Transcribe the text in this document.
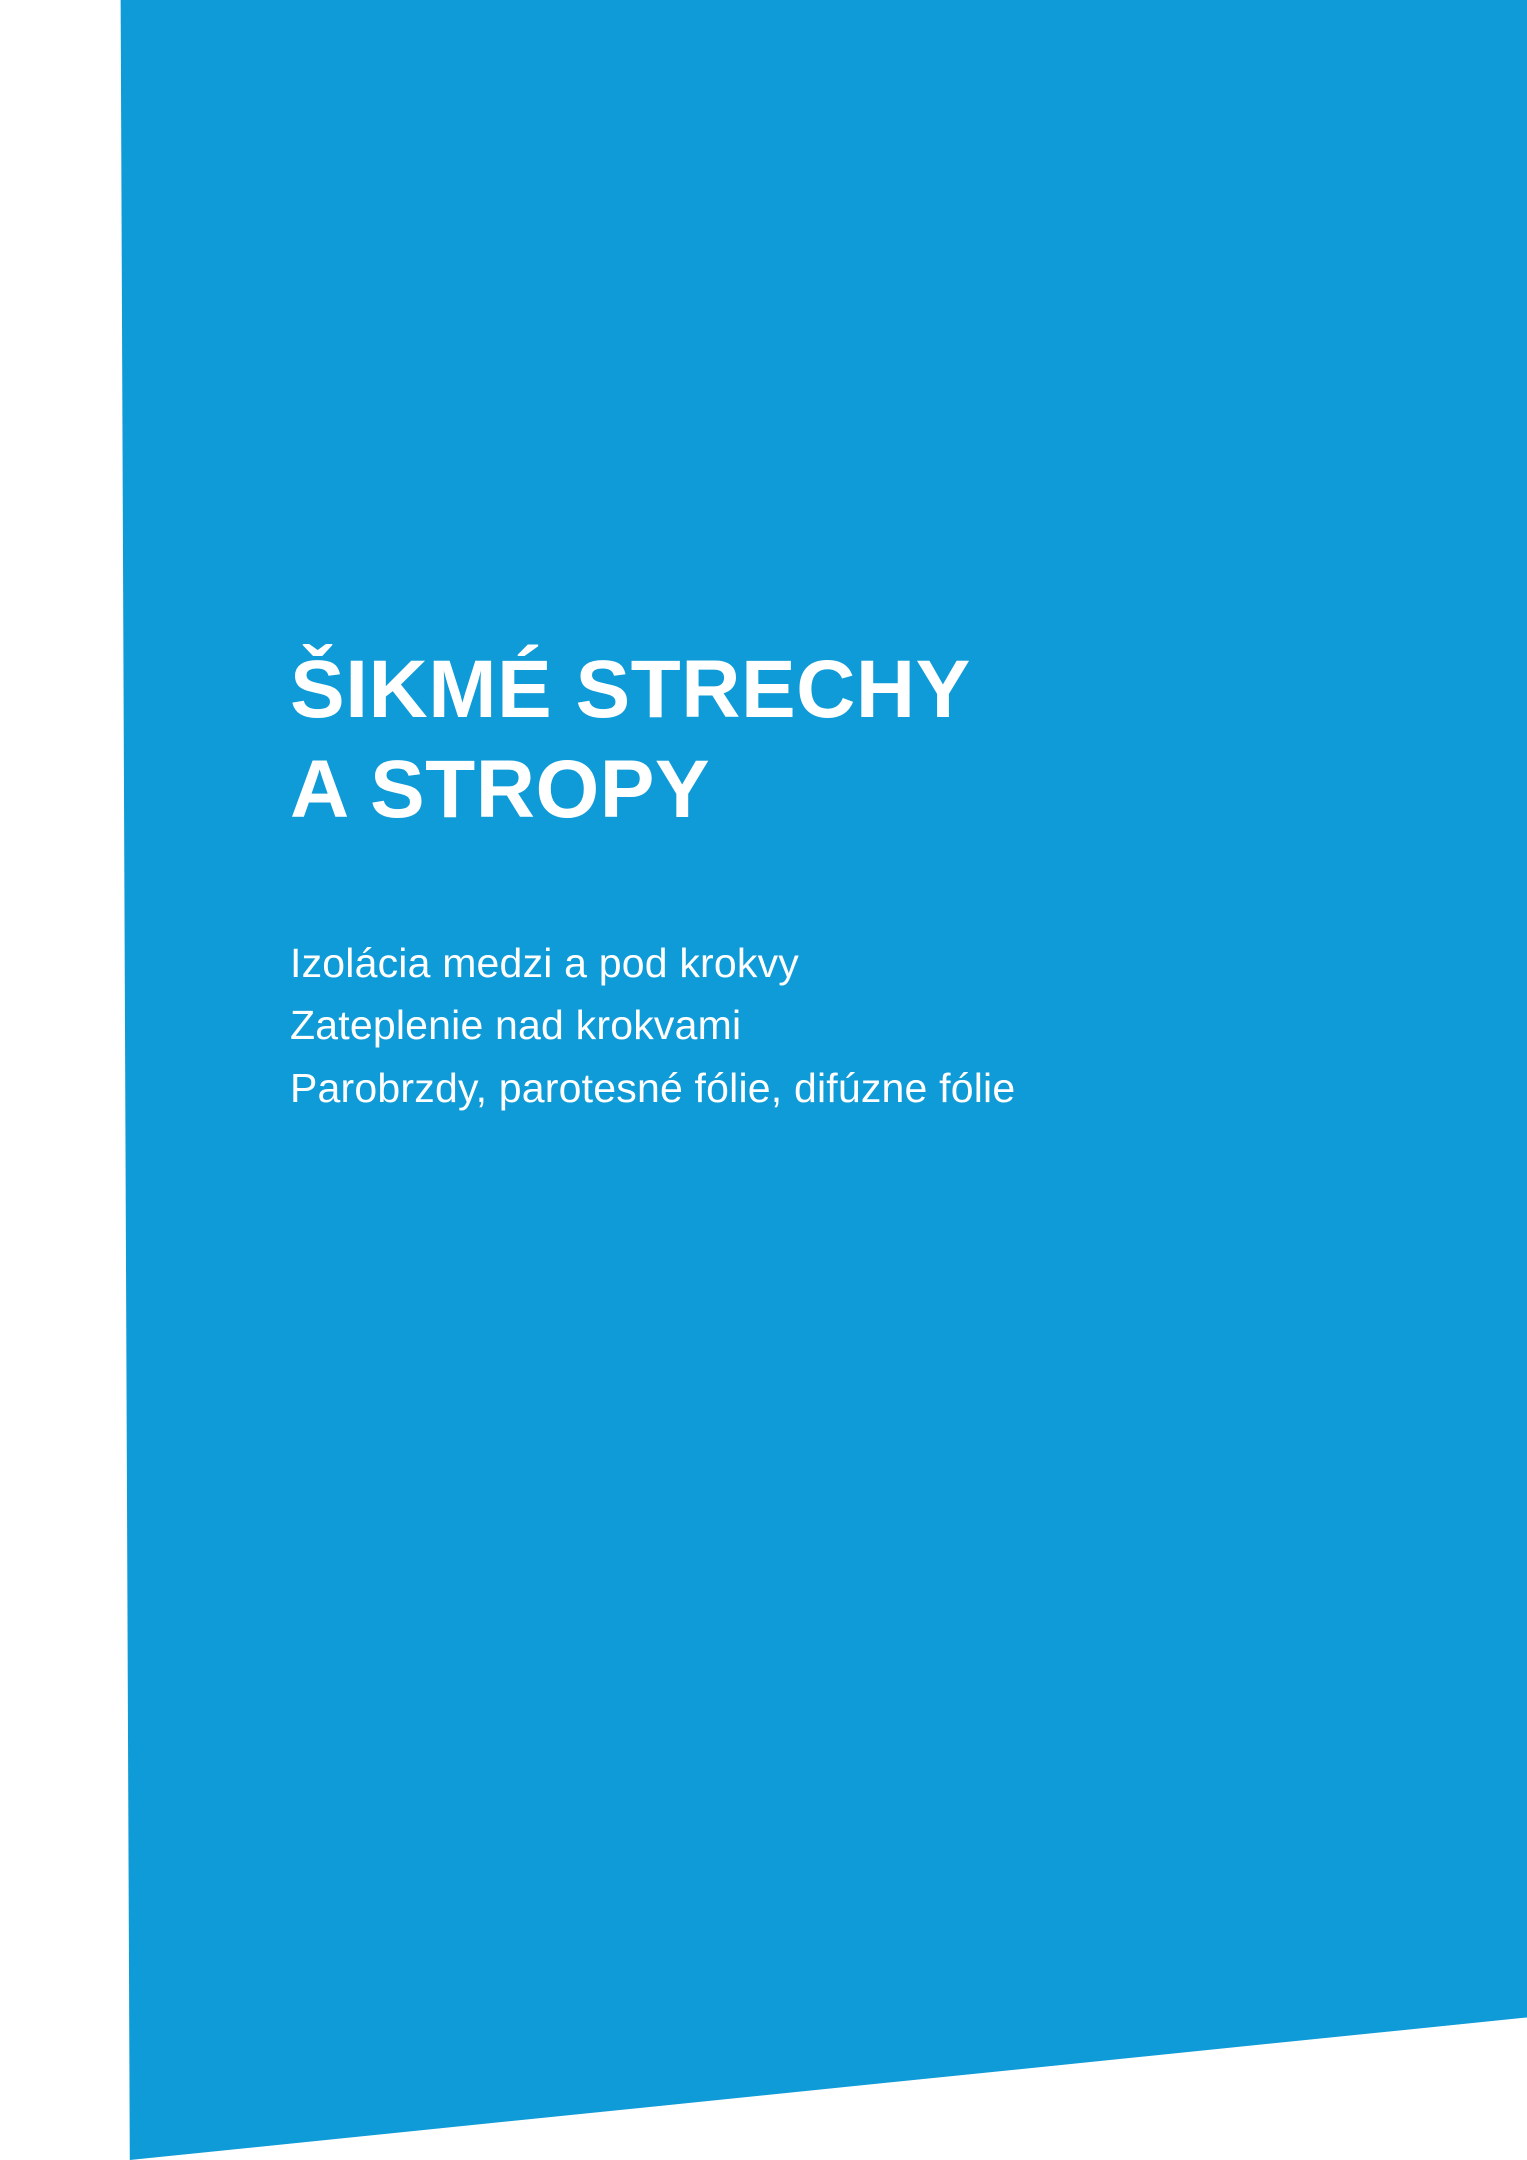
ŠIKMÉ STRECHY
A STROPY
Izolácia medzi a pod krokvy
Zateplenie nad krokvami
Parobrzdy, parotesné fólie, difúzne fólie
